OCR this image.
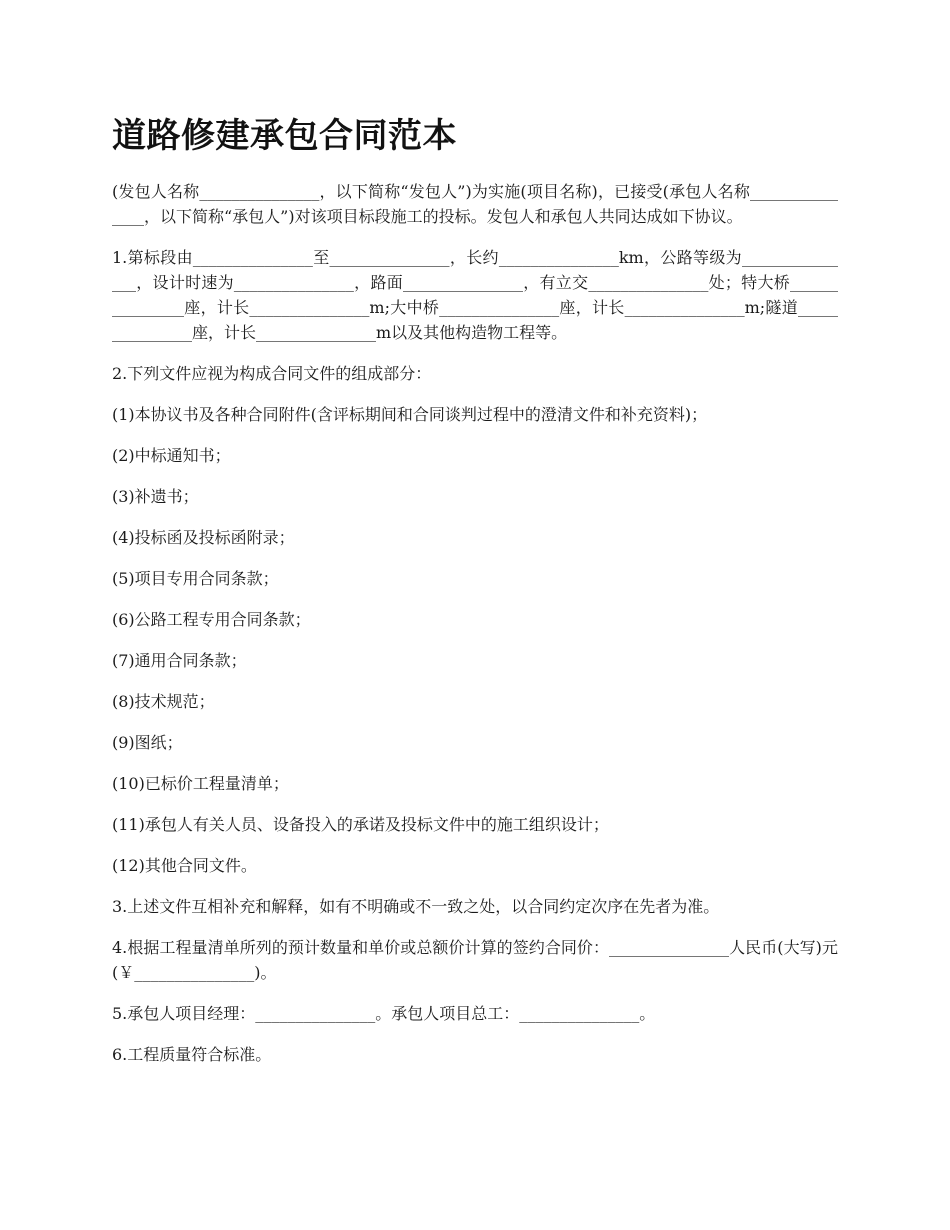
道路修建承包合同范本

(发包人名称_______________，以下简称“发包人”)为实施(项目名称)，已接受(承包人名称_______________，以下简称“承包人”)对该项目标段施工的投标。发包人和承包人共同达成如下协议。

1.第标段由_______________至_______________，长约_______________km，公路等级为_______________，设计时速为_______________，路面_______________，有立交_______________处；特大桥_______________座，计长_______________m;大中桥_______________座，计长_______________m;隧道_______________座，计长_______________m以及其他构造物工程等。

2.下列文件应视为构成合同文件的组成部分：

(1)本协议书及各种合同附件(含评标期间和合同谈判过程中的澄清文件和补充资料)；

(2)中标通知书；

(3)补遗书；

(4)投标函及投标函附录；

(5)项目专用合同条款；

(6)公路工程专用合同条款；

(7)通用合同条款；

(8)技术规范；

(9)图纸；

(10)已标价工程量清单；

(11)承包人有关人员、设备投入的承诺及投标文件中的施工组织设计；

(12)其他合同文件。

3.上述文件互相补充和解释，如有不明确或不一致之处，以合同约定次序在先者为准。

4.根据工程量清单所列的预计数量和单价或总额价计算的签约合同价：_______________人民币(大写)元(￥_______________)。

5.承包人项目经理：_______________。承包人项目总工：_______________。

6.工程质量符合标准。
